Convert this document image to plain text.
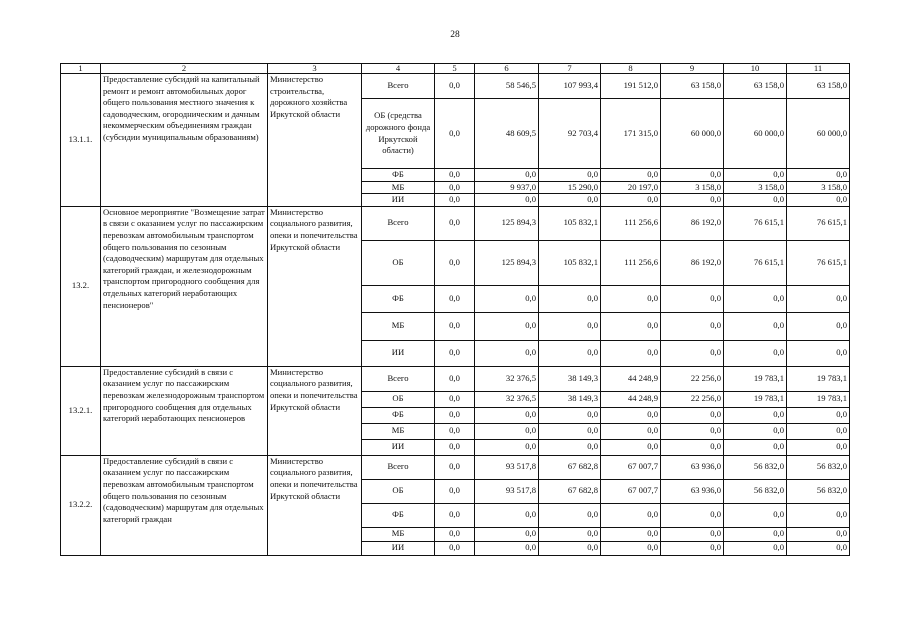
28
1	2	3	4	5	6	7	8	9	10	11
13.1.1.	Предоставление субсидий на капитальный ремонт и ремонт автомобильных дорог общего пользования местного значения к садоводческим, огородническим и дачным некоммерческим объединениям граждан (субсидии муниципальным образованиям)	Министерство строительства, дорожного хозяйства Иркутской области	Всего	0,0	58 546,5	107 993,4	191 512,0	63 158,0	63 158,0	63 158,0
			ОБ (средства дорожного фонда Иркутской области)	0,0	48 609,5	92 703,4	171 315,0	60 000,0	60 000,0	60 000,0
			ФБ	0,0	0,0	0,0	0,0	0,0	0,0	0,0
			МБ	0,0	9 937,0	15 290,0	20 197,0	3 158,0	3 158,0	3 158,0
			ИИ	0,0	0,0	0,0	0,0	0,0	0,0	0,0
13.2.	Основное мероприятие "Возмещение затрат в связи с оказанием услуг по пассажирским перевозкам автомобильным транспортом общего пользования по сезонным (садоводческим) маршрутам для отдельных категорий граждан, и железнодорожным транспортом пригородного сообщения для отдельных категорий неработающих пенсионеров"	Министерство социального развития, опеки и попечительства Иркутской области	Всего	0,0	125 894,3	105 832,1	111 256,6	86 192,0	76 615,1	76 615,1
			ОБ	0,0	125 894,3	105 832,1	111 256,6	86 192,0	76 615,1	76 615,1
			ФБ	0,0	0,0	0,0	0,0	0,0	0,0	0,0
			МБ	0,0	0,0	0,0	0,0	0,0	0,0	0,0
			ИИ	0,0	0,0	0,0	0,0	0,0	0,0	0,0
13.2.1.	Предоставление субсидий в связи с оказанием услуг по пассажирским перевозкам железнодорожным транспортом пригородного сообщения для отдельных категорий неработающих пенсионеров	Министерство социального развития, опеки и попечительства Иркутской области	Всего	0,0	32 376,5	38 149,3	44 248,9	22 256,0	19 783,1	19 783,1
			ОБ	0,0	32 376,5	38 149,3	44 248,9	22 256,0	19 783,1	19 783,1
			ФБ	0,0	0,0	0,0	0,0	0,0	0,0	0,0
			МБ	0,0	0,0	0,0	0,0	0,0	0,0	0,0
			ИИ	0,0	0,0	0,0	0,0	0,0	0,0	0,0
13.2.2.	Предоставление субсидий в связи с оказанием услуг по пассажирским перевозкам автомобильным транспортом общего пользования по сезонным (садоводческим) маршрутам для отдельных категорий граждан	Министерство социального развития, опеки и попечительства Иркутской области	Всего	0,0	93 517,8	67 682,8	67 007,7	63 936,0	56 832,0	56 832,0
			ОБ	0,0	93 517,8	67 682,8	67 007,7	63 936,0	56 832,0	56 832,0
			ФБ	0,0	0,0	0,0	0,0	0,0	0,0	0,0
			МБ	0,0	0,0	0,0	0,0	0,0	0,0	0,0
			ИИ	0,0	0,0	0,0	0,0	0,0	0,0	0,0
